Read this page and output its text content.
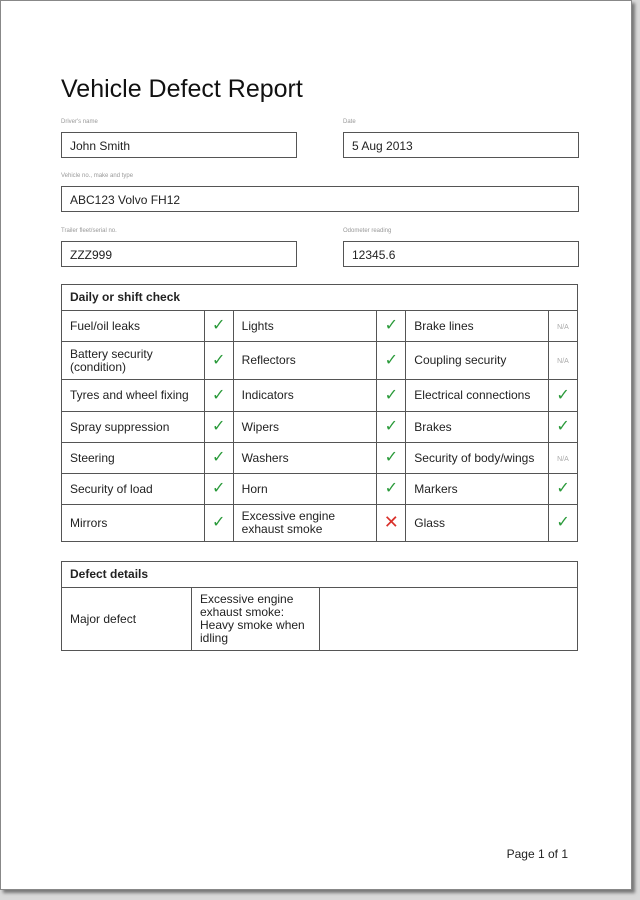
Vehicle Defect Report
Driver's name
John Smith
Date
5 Aug 2013
Vehicle no., make and type
ABC123 Volvo FH12
Trailer fleet/serial no.
ZZZ999
Odometer reading
12345.6
Daily or shift check					
Fuel/oil leaks	✓	Lights	✓	Brake lines	N/A
Battery security (condition)	✓	Reflectors	✓	Coupling security	N/A
Tyres and wheel fixing	✓	Indicators	✓	Electrical connections	✓
Spray suppression	✓	Wipers	✓	Brakes	✓
Steering	✓	Washers	✓	Security of body/wings	N/A
Security of load	✓	Horn	✓	Markers	✓
Mirrors	✓	Excessive engine exhaust smoke	✕	Glass	✓
Defect details
Major defect	Excessive engine exhaust smoke: Heavy smoke when idling	
Page 1 of 1
